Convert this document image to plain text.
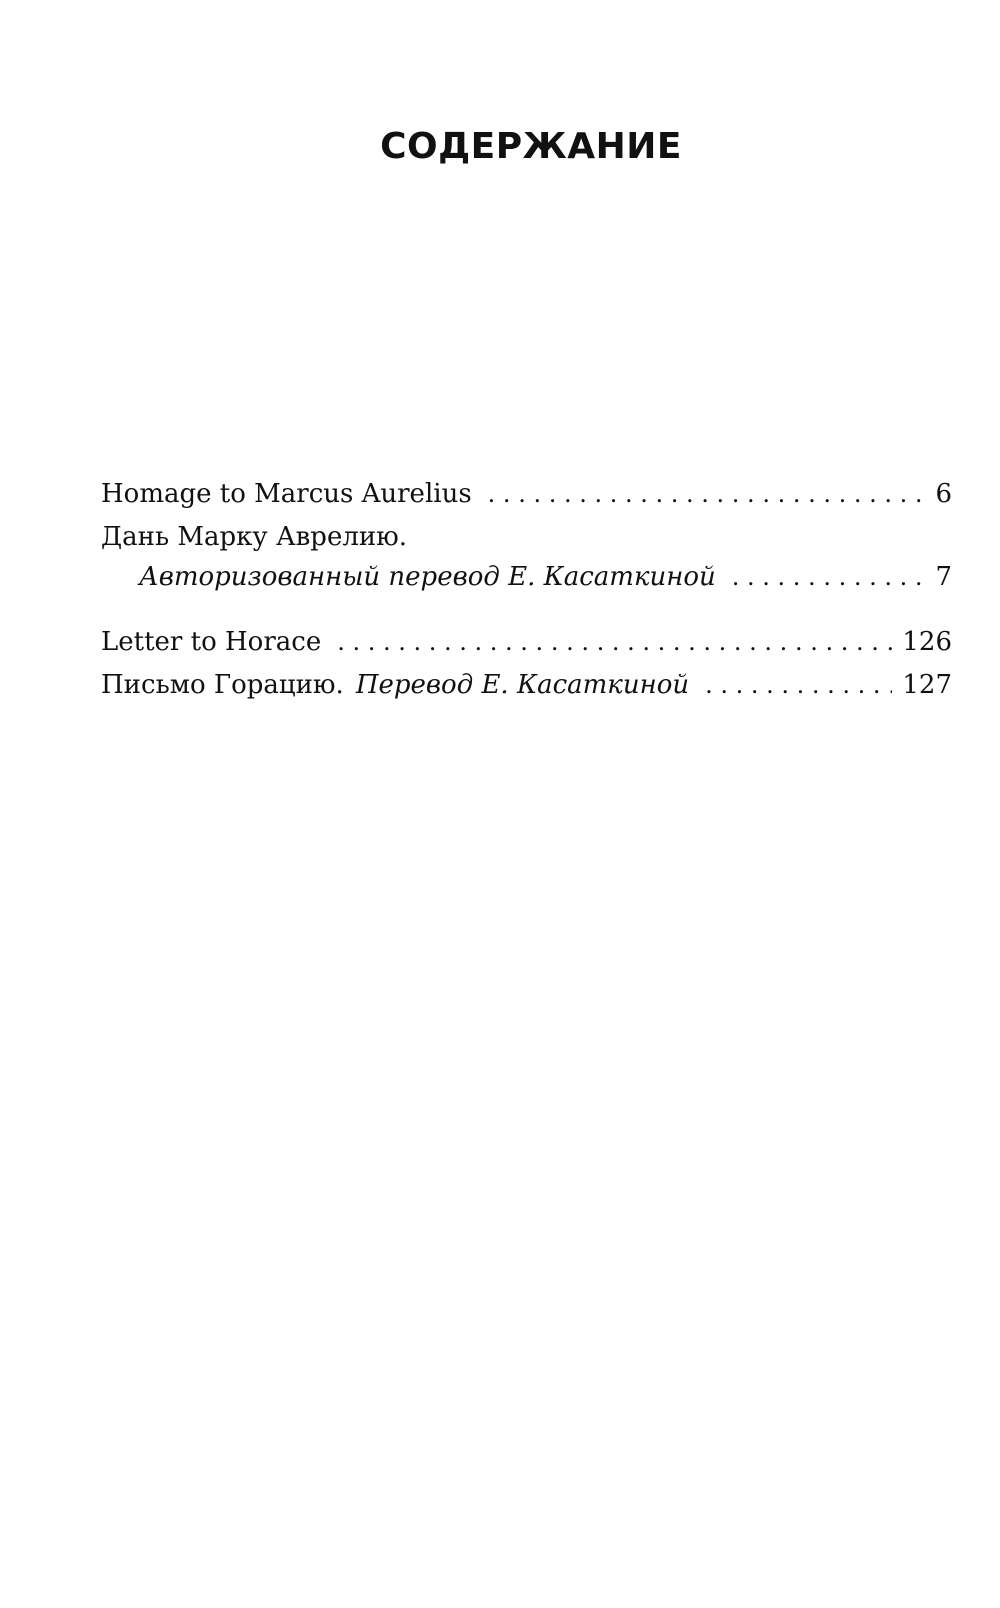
СОДЕРЖАНИЕ
Homage to Marcus Aurelius . . .	6
Дань Марку Аврелию.
Авторизованный перевод Е. Касаткиной . . .	7
Letter to Horace . . .	126
Письмо Горацию. Перевод Е. Касаткиной . . .	127
